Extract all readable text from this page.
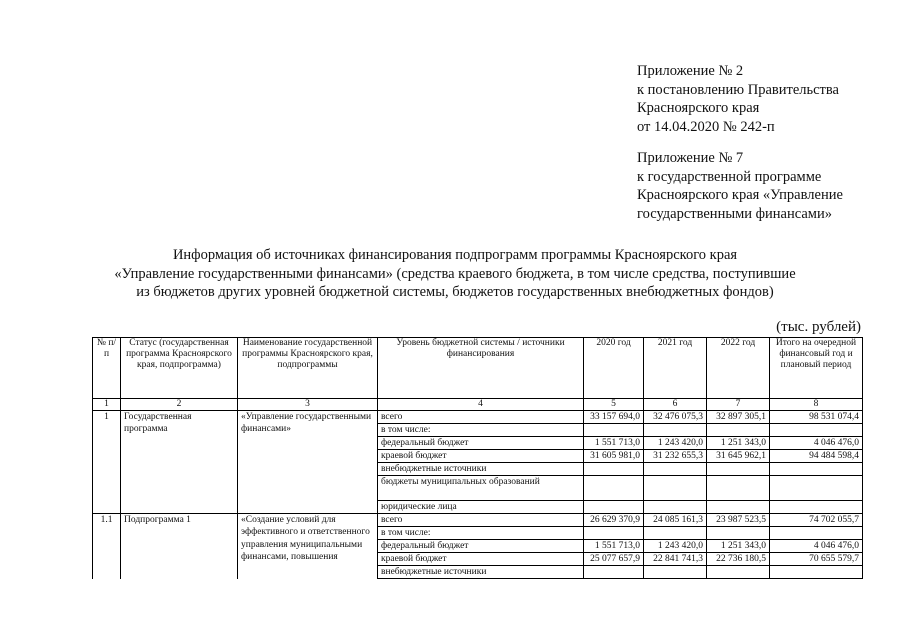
Приложение № 2
к постановлению Правительства
Красноярского края
от 14.04.2020 № 242-п
Приложение № 7
к государственной программе
Красноярского края «Управление
государственными финансами»
Информация об источниках финансирования подпрограмм программы Красноярского края
«Управление государственными финансами» (средства краевого бюджета, в том числе средства, поступившие
из бюджетов других уровней бюджетной системы, бюджетов государственных внебюджетных фондов)
(тыс. рублей)
№ п/п	Статус (государственная программа Красноярского края, подпрограмма)	Наименование государственной программы Красноярского края, подпрограммы	Уровень бюджетной системы / источники финансирования	2020 год	2021 год	2022 год	Итого на очередной финансовый год и плановый период
1	2	3	4	5	6	7	8
1	Государственная программа	«Управление государственными финансами»	всего	33 157 694,0	32 476 075,3	32 897 305,1	98 531 074,4
			в том числе:				
			федеральный бюджет	1 551 713,0	1 243 420,0	1 251 343,0	4 046 476,0
			краевой бюджет	31 605 981,0	31 232 655,3	31 645 962,1	94 484 598,4
			внебюджетные источники				
			бюджеты муниципальных образований				
			юридические лица				
1.1	Подпрограмма 1	«Создание условий для эффективного и ответственного управления муниципальными финансами, повышения	всего	26 629 370,9	24 085 161,3	23 987 523,5	74 702 055,7
			в том числе:				
			федеральный бюджет	1 551 713,0	1 243 420,0	1 251 343,0	4 046 476,0
			краевой бюджет	25 077 657,9	22 841 741,3	22 736 180,5	70 655 579,7
			внебюджетные источники				
